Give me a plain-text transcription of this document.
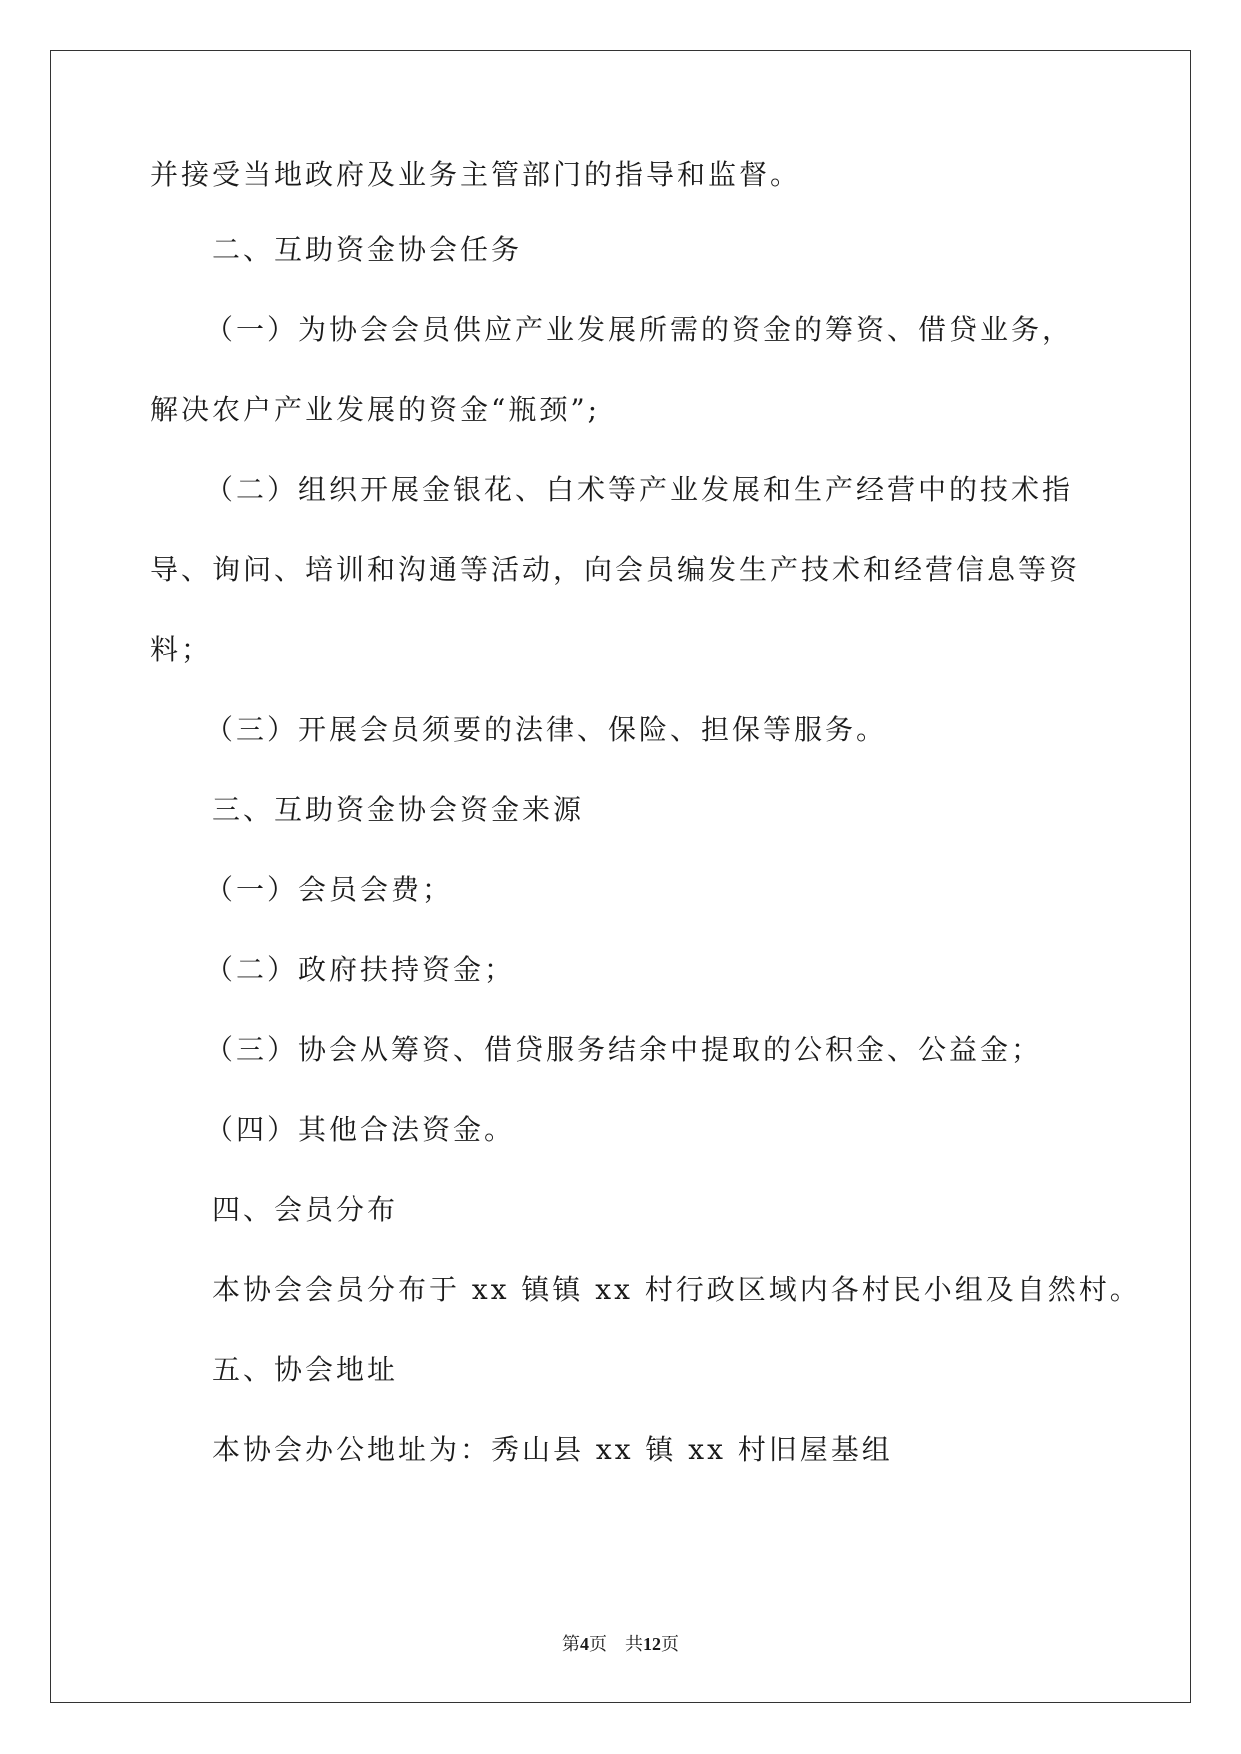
并接受当地政府及业务主管部门的指导和监督。
二、互助资金协会任务
（一）为协会会员供应产业发展所需的资金的筹资、借贷业务，
解决农户产业发展的资金“瓶颈”;
（二）组织开展金银花、白术等产业发展和生产经营中的技术指
导、询问、培训和沟通等活动，向会员编发生产技术和经营信息等资
料；
（三）开展会员须要的法律、保险、担保等服务。
三、互助资金协会资金来源
（一）会员会费；
（二）政府扶持资金；
（三）协会从筹资、借贷服务结余中提取的公积金、公益金；
（四）其他合法资金。
四、会员分布
本协会会员分布于 xx 镇镇 xx 村行政区域内各村民小组及自然村。
五、协会地址
本协会办公地址为：秀山县 xx 镇 xx 村旧屋基组
第4页 共12页
